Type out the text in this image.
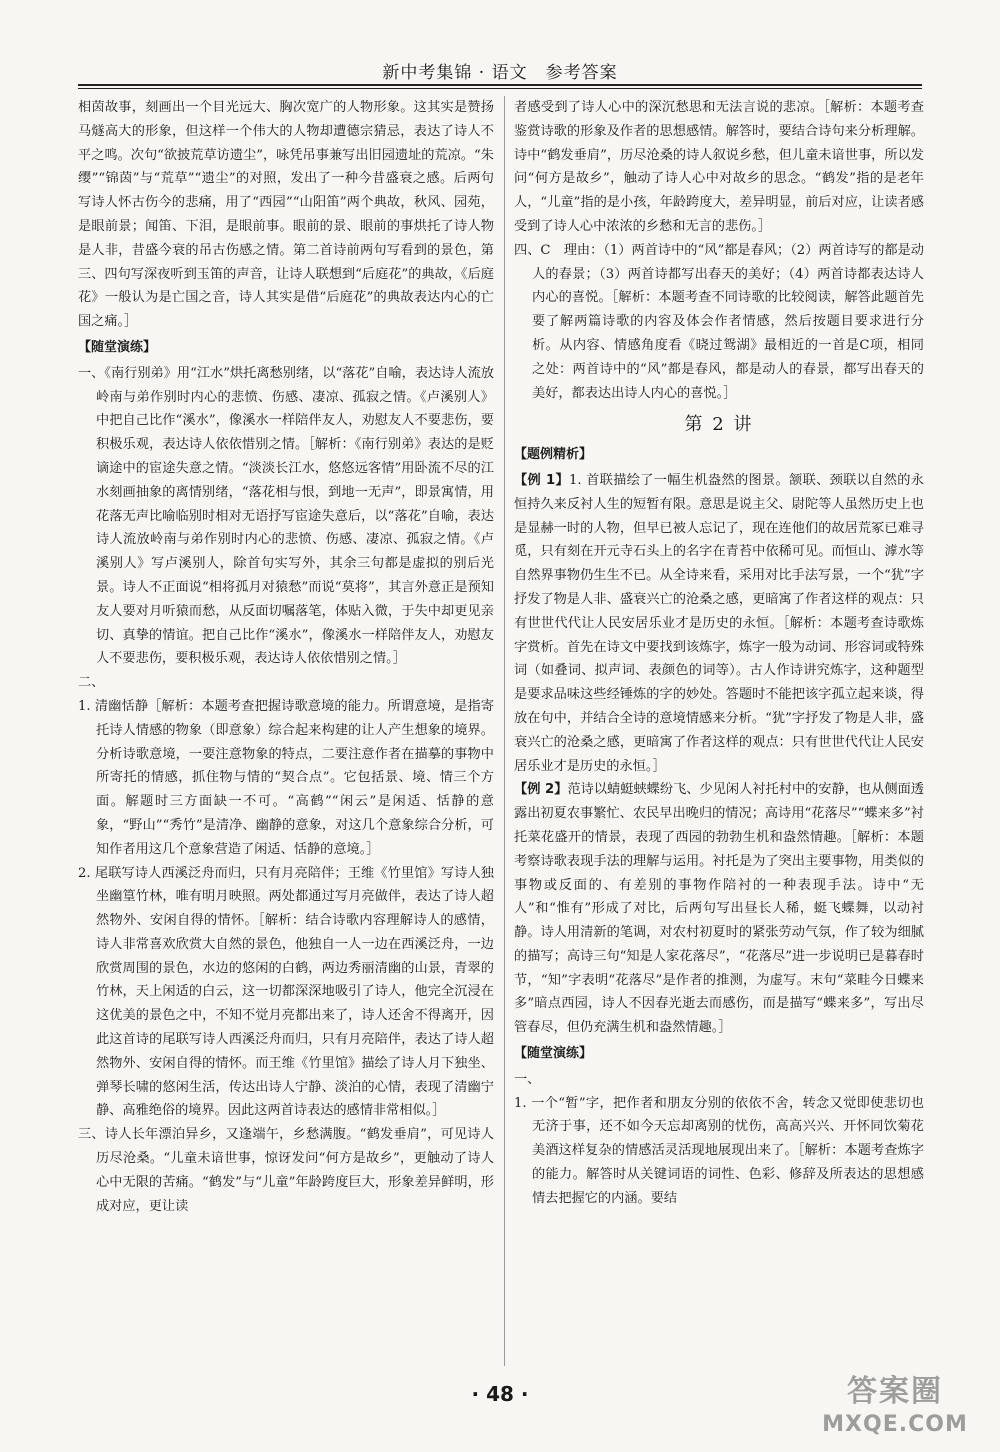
新中考集锦 · 语文　参考答案

相茵故事，刻画出一个目光远大、胸次宽广的人物形象。这其实是赞扬马燧高大的形象，但这样一个伟大的人物却遭德宗猜忌，表达了诗人不平之鸣。次句“欲披荒草访遗尘”，咏凭吊事兼写出旧园遗址的荒凉。“朱缨”“锦茵”与“荒草”“遗尘”的对照，发出了一种今昔盛衰之感。后两句写诗人怀古伤今的悲痛，用了“西园”“山阳笛”两个典故，秋风、园苑，是眼前景；闻笛、下泪，是眼前事。眼前的景、眼前的事烘托了诗人物是人非，昔盛今衰的吊古伤感之情。第二首诗前两句写看到的景色，第三、四句写深夜听到玉笛的声音，让诗人联想到“后庭花”的典故，《后庭花》一般认为是亡国之音，诗人其实是借“后庭花”的典故表达内心的亡国之痛。］

【随堂演练】

一、《南行别弟》用“江水”烘托离愁别绪，以“落花”自喻，表达诗人流放岭南与弟作别时内心的悲愤、伤感、凄凉、孤寂之情。《卢溪别人》中把自己比作“溪水”，像溪水一样陪伴友人，劝慰友人不要悲伤，要积极乐观，表达诗人依依惜别之情。［解析：《南行别弟》表达的是贬谪途中的宦途失意之情。“淡淡长江水，悠悠远客情”用卧流不尽的江水刻画抽象的离情别绪，“落花相与恨，到地一无声”，即景寓情，用花落无声比喻临别时相对无语抒写宦途失意后，以“落花”自喻，表达诗人流放岭南与弟作别时内心的悲愤、伤感、凄凉、孤寂之情。《卢溪别人》写卢溪别人，除首句实写外，其余三句都是虚拟的别后光景。诗人不正面说“相将孤月对猿愁”而说“莫将”，其言外意正是预知友人要对月听猿而愁，从反面切嘱落笔，体贴入微，于失中却更见亲切、真挚的情谊。把自己比作“溪水”，像溪水一样陪伴友人，劝慰友人不要悲伤，要积极乐观，表达诗人依依惜别之情。］

二、

1. 清幽恬静［解析：本题考查把握诗歌意境的能力。所谓意境，是指寄托诗人情感的物象（即意象）综合起来构建的让人产生想象的境界。分析诗歌意境，一要注意物象的特点，二要注意作者在描摹的事物中所寄托的情感，抓住物与情的“契合点”。它包括景、境、情三个方面。解题时三方面缺一不可。“高鹤”“闲云”是闲适、恬静的意象，“野山”“秀竹”是清净、幽静的意象，对这几个意象综合分析，可知作者用这几个意象营造了闲适、恬静的意境。］

2. 尾联写诗人西溪泛舟而归，只有月亮陪伴；王维《竹里馆》写诗人独坐幽篁竹林，唯有明月映照。两处都通过写月亮做伴，表达了诗人超然物外、安闲自得的情怀。［解析：结合诗歌内容理解诗人的感情，诗人非常喜欢欣赏大自然的景色，他独自一人一边在西溪泛舟，一边欣赏周围的景色，水边的悠闲的白鹤，两边秀丽清幽的山景，青翠的竹林，天上闲适的白云，这一切都深深地吸引了诗人，他完全沉浸在这优美的景色之中，不知不觉月亮都出来了，诗人还舍不得离开，因此这首诗的尾联写诗人西溪泛舟而归，只有月亮陪伴，表达了诗人超然物外、安闲自得的情怀。而王维《竹里馆》描绘了诗人月下独坐、弹琴长啸的悠闲生活，传达出诗人宁静、淡泊的心情，表现了清幽宁静、高雅绝俗的境界。因此这两首诗表达的感情非常相似。］

三、诗人长年漂泊异乡，又逢端午，乡愁满腹。“鹤发垂肩”，可见诗人历尽沧桑。“儿童未谙世事，惊讶发问“何方是故乡”，更触动了诗人心中无限的苦痛。“鹤发”与“儿童”年龄跨度巨大，形象差异鲜明，形成对应，更让读

者感受到了诗人心中的深沉愁思和无法言说的悲凉。［解析：本题考查鉴赏诗歌的形象及作者的思想感情。解答时，要结合诗句来分析理解。诗中“鹤发垂肩”，历尽沧桑的诗人叙说乡愁，但儿童未谙世事，所以发问“何方是故乡”，触动了诗人心中对故乡的思念。“鹤发”指的是老年人，“儿童”指的是小孩，年龄跨度大，差异明显，前后对应，让读者感受到了诗人心中浓浓的乡愁和无言的悲伤。］

四、C　理由：（1）两首诗中的“风”都是春风；（2）两首诗写的都是动人的春景；（3）两首诗都写出春天的美好；（4）两首诗都表达诗人内心的喜悦。［解析：本题考查不同诗歌的比较阅读，解答此题首先要了解两篇诗歌的内容及体会作者情感，然后按题目要求进行分析。从内容、情感角度看《晓过鸳湖》最相近的一首是C项，相同之处：两首诗中的“风”都是春风，都是动人的春景，都写出春天的美好，都表达出诗人内心的喜悦。］

第 2 讲
【题例精析】

【例 1】1. 首联描绘了一幅生机盎然的图景。颔联、颈联以自然的永恒持久来反衬人生的短暂有限。意思是说主父、尉陀等人虽然历史上也是显赫一时的人物，但早已被人忘记了，现在连他们的故居荒冢已难寻觅，只有刻在开元寺石头上的名字在青苔中依稀可见。而恒山、滹水等自然界事物仍生生不已。从全诗来看，采用对比手法写景，一个“犹”字抒发了物是人非、盛衰兴亡的沧桑之感，更暗寓了作者这样的观点：只有世世代代让人民安居乐业才是历史的永恒。［解析：本题考查诗歌炼字赏析。首先在诗文中要找到该炼字，炼字一般为动词、形容词或特殊词（如叠词、拟声词、表颜色的词等）。古人作诗讲究炼字，这种题型是要求品味这些经锤炼的字的妙处。答题时不能把该字孤立起来谈，得放在句中，并结合全诗的意境情感来分析。“犹”字抒发了物是人非，盛衰兴亡的沧桑之感，更暗寓了作者这样的观点：只有世世代代让人民安居乐业才是历史的永恒。］

【例 2】范诗以蜻蜓蛱蝶纷飞、少见闲人衬托村中的安静，也从侧面透露出初夏农事繁忙、农民早出晚归的情况；高诗用“花落尽”“蝶来多”衬托菜花盛开的情景，表现了西园的勃勃生机和盎然情趣。［解析：本题考察诗歌表现手法的理解与运用。衬托是为了突出主要事物，用类似的事物或反面的、有差别的事物作陪衬的一种表现手法。诗中“无人”和“惟有”形成了对比，后两句写出昼长人稀，蜓飞蝶舞，以动衬静。诗人用清新的笔调，对农村初夏时的紧张劳动气氛，作了较为细腻的描写；高诗三句“知是人家花落尽”，“花落尽”进一步说明已是暮春时节，“知”字表明“花落尽”是作者的推测，为虚写。末句“菜畦今日蝶来多”暗点西园，诗人不因春光逝去而感伤，而是描写“蝶来多”，写出尽管春尽，但仍充满生机和盎然情趣。］

【随堂演练】

一、

1. 一个“暂”字，把作者和朋友分别的依依不舍，转念又觉即使悲切也无济于事，还不如今天忘却离别的忧伤，高高兴兴、开怀同饮菊花美酒这样复杂的情感活灵活现地展现出来了。［解析：本题考查炼字的能力。解答时从关键词语的词性、色彩、修辞及所表达的思想感情去把握它的内涵。要结

· 48 ·	答案圈
MXQE.COM
